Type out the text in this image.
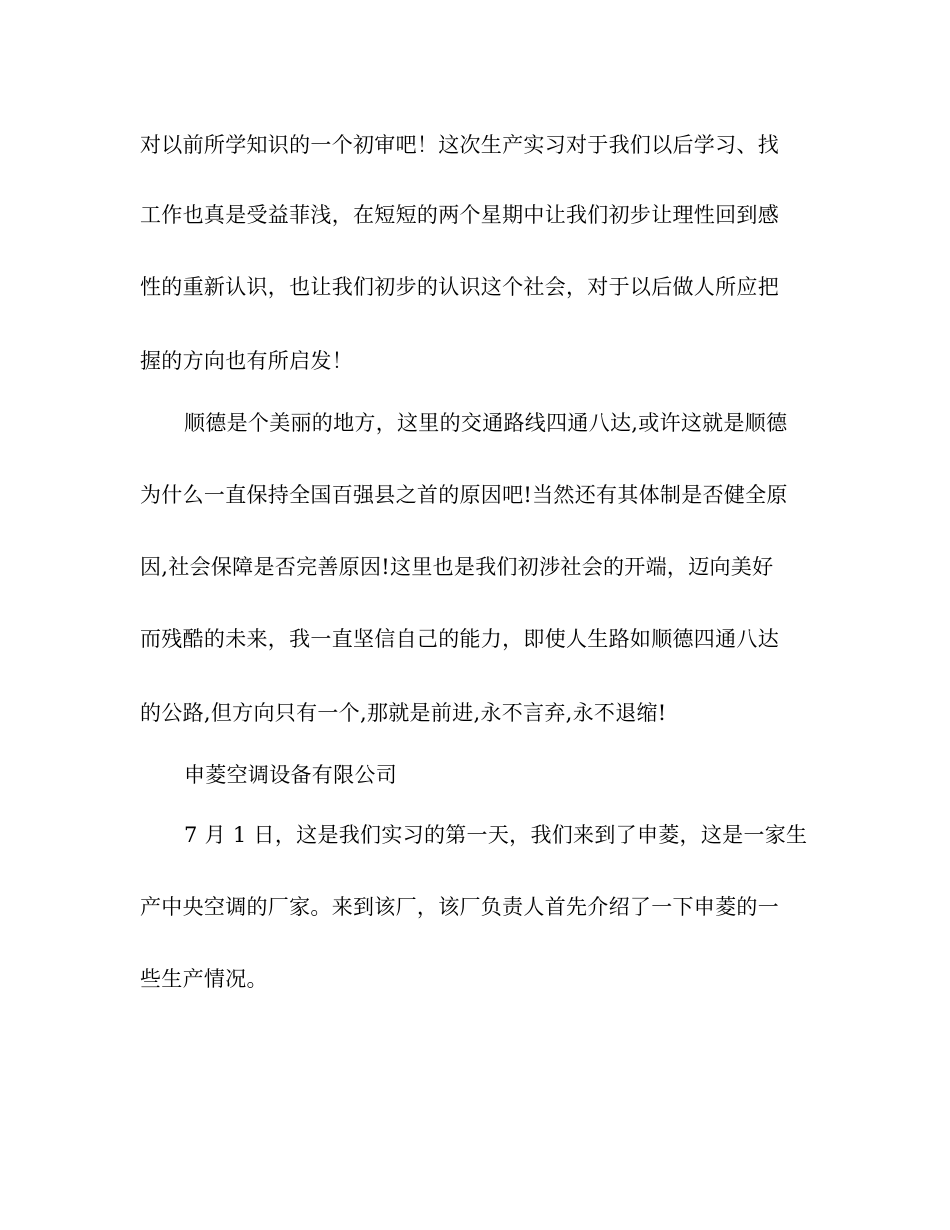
对以前所学知识的一个初审吧！这次生产实习对于我们以后学习、找
工作也真是受益菲浅，在短短的两个星期中让我们初步让理性回到感
性的重新认识，也让我们初步的认识这个社会，对于以后做人所应把
握的方向也有所启发！
顺德是个美丽的地方，这里的交通路线四通八达,或许这就是顺德
为什么一直保持全国百强县之首的原因吧!当然还有其体制是否健全原
因,社会保障是否完善原因!这里也是我们初涉社会的开端，迈向美好
而残酷的未来，我一直坚信自己的能力，即使人生路如顺德四通八达
的公路,但方向只有一个,那就是前进,永不言弃,永不退缩!
申菱空调设备有限公司
7 月 1 日，这是我们实习的第一天，我们来到了申菱，这是一家生
产中央空调的厂家。来到该厂，该厂负责人首先介绍了一下申菱的一
些生产情况。
